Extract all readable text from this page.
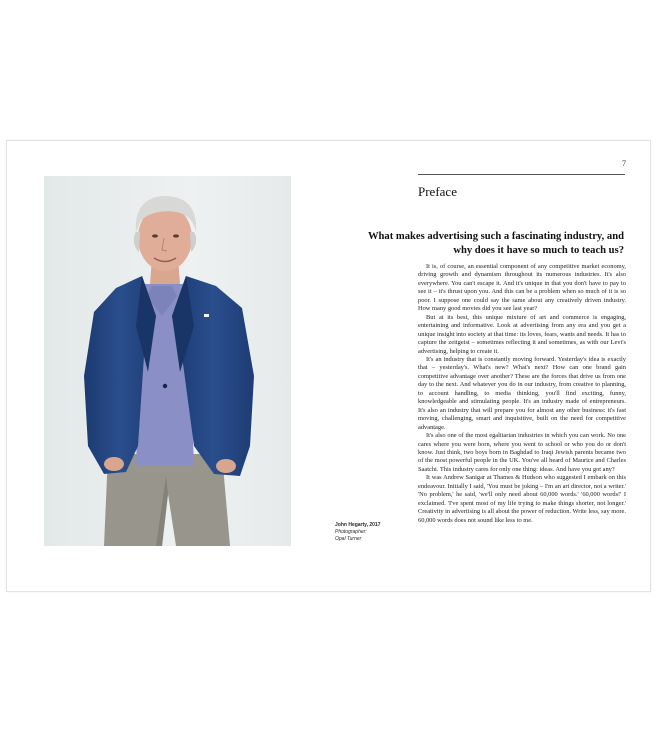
John Hegarty, 2017
Photographer:
Opal Turner
7
Preface
What makes advertising such a fascinating industry, and why does it have so much to teach us?

It is, of course, an essential component of any competitive market economy, driving growth and dynamism throughout its numerous industries. It's also everywhere. You can't escape it. And it's unique in that you don't have to pay to see it – it's thrust upon you. And this can be a problem when so much of it is so poor. I suppose one could say the same about any creatively driven industry. How many good movies did you see last year?

But at its best, this unique mixture of art and commerce is engaging, entertaining and informative. Look at advertising from any era and you get a unique insight into society at that time: its loves, fears, wants and needs. It has to capture the zeitgeist – sometimes reflecting it and sometimes, as with our Levi's advertising, helping to create it.

It's an industry that is constantly moving forward. Yesterday's idea is exactly that – yesterday's. What's new? What's next? How can one brand gain competitive advantage over another? These are the forces that drive us from one day to the next. And whatever you do in our industry, from creative to planning, to account handling, to media thinking, you'll find exciting, funny, knowledgeable and stimulating people. It's an industry made of entrepreneurs. It's also an industry that will prepare you for almost any other business: it's fast moving, challenging, smart and inquisitive, built on the need for competitive advantage.

It's also one of the most egalitarian industries in which you can work. No one cares where you were born, where you went to school or who you do or don't know. Just think, two boys born in Baghdad to Iraqi Jewish parents became two of the most powerful people in the UK. You've all heard of Maurice and Charles Saatchi. This industry cares for only one thing: ideas. And have you got any?

It was Andrew Sanigar at Thames & Hudson who suggested I embark on this endeavour. Initially I said, 'You must be joking – I'm an art director, not a writer.' 'No problem,' he said, 'we'll only need about 60,000 words.' '60,000 words!' I exclaimed. 'I've spent most of my life trying to make things shorter, not longer.' Creativity in advertising is all about the power of reduction. Write less, say more. 60,000 words does not sound like less to me.
